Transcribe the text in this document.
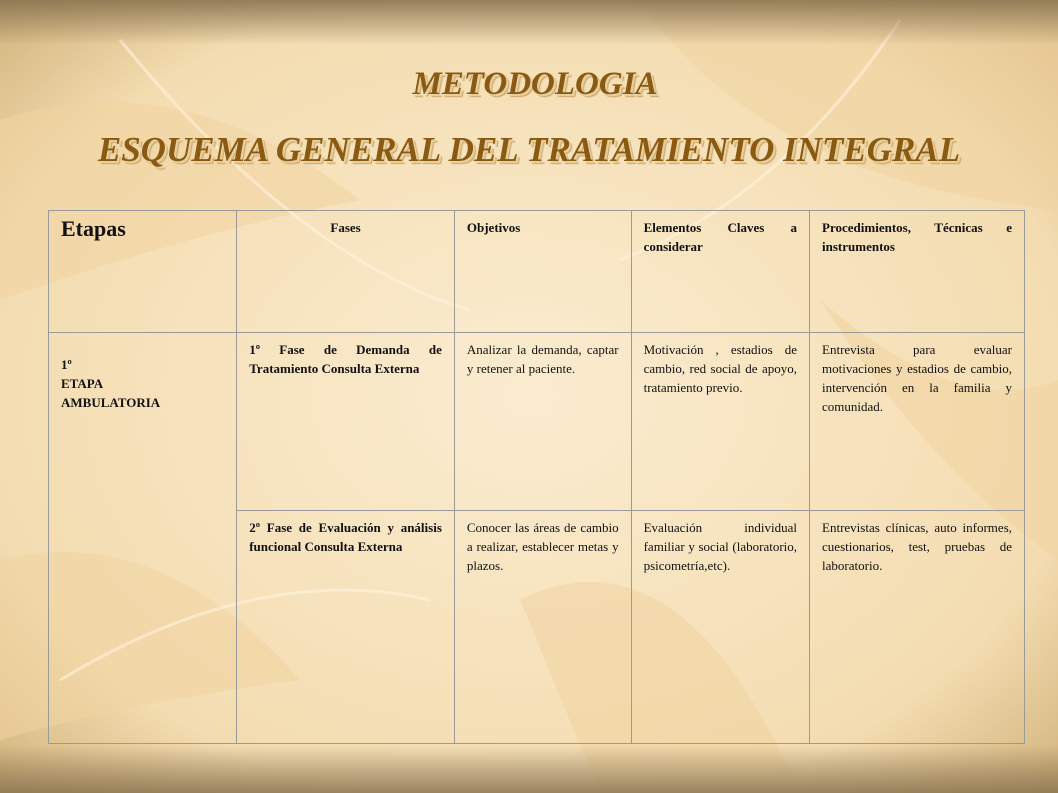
METODOLOGIA
ESQUEMA GENERAL DEL TRATAMIENTO INTEGRAL
Etapas	Fases	Objetivos	Elementos Claves a considerar	Procedimientos, Técnicas e instrumentos

1º
ETAPA
AMBULATORIA	1º Fase de Demanda de Tratamiento Consulta Externa	Analizar la demanda, captar y retener al paciente.	Motivación , estadios de cambio, red social de apoyo, tratamiento previo.	Entrevista para evaluar motivaciones y estadios de cambio, intervención en la familia y comunidad.
	2º Fase de Evaluación y análisis funcional Consulta Externa	Conocer las áreas de cambio a realizar, establecer metas y plazos.	Evaluación individual familiar y social (laboratorio, psicometría,etc).	Entrevistas clínicas, auto informes, cuestionarios, test, pruebas de laboratorio.
